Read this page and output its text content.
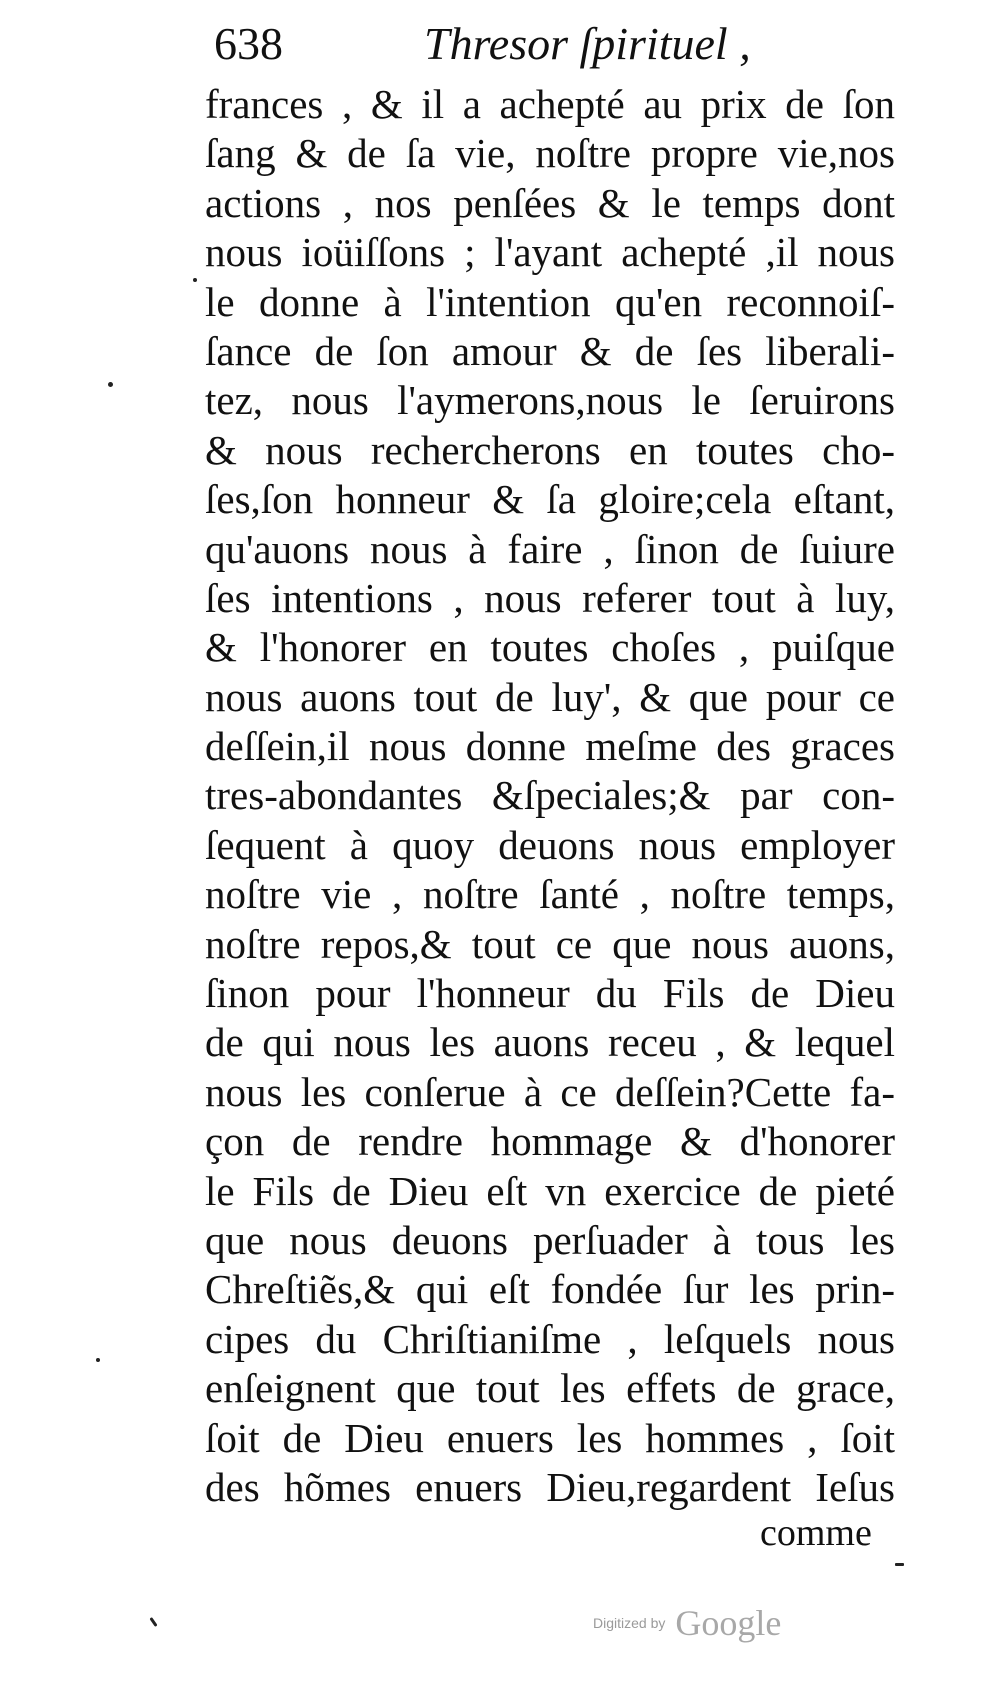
638	Thresor ſpirituel ,
frances , & il a achepté au prix de ſon
ſang & de ſa vie, noſtre propre vie,nos
actions , nos penſées & le temps dont
nous ioüiſſons ; l'ayant achepté ,il nous
le donne à l'intention qu'en reconnoiſ-
ſance de ſon amour & de ſes liberali-
tez, nous l'aymerons,nous le ſeruirons
& nous rechercherons en toutes cho-
ſes,ſon honneur & ſa gloire;cela eſtant,
qu'auons nous à faire , ſinon de ſuiure
ſes intentions , nous referer tout à luy,
& l'honorer en toutes choſes , puiſque
nous auons tout de luy', & que pour ce
deſſein,il nous donne meſme des graces
tres-abondantes &ſpeciales;& par con-
ſequent à quoy deuons nous employer
noſtre vie , noſtre ſanté , noſtre temps,
noſtre repos,& tout ce que nous auons,
ſinon pour l'honneur du Fils de Dieu
de qui nous les auons receu , & lequel
nous les conſerue à ce deſſein?Cette fa-
çon de rendre hommage & d'honorer
le Fils de Dieu eſt vn exercice de pieté
que nous deuons perſuader à tous les
Chreſtiẽs,& qui eſt fondée ſur les prin-
cipes du Chriſtianiſme , leſquels nous
enſeignent que tout les effets de grace,
ſoit de Dieu enuers les hommes , ſoit
des hõmes enuers Dieu,regardent Ieſus
comme
Digitized by Google
